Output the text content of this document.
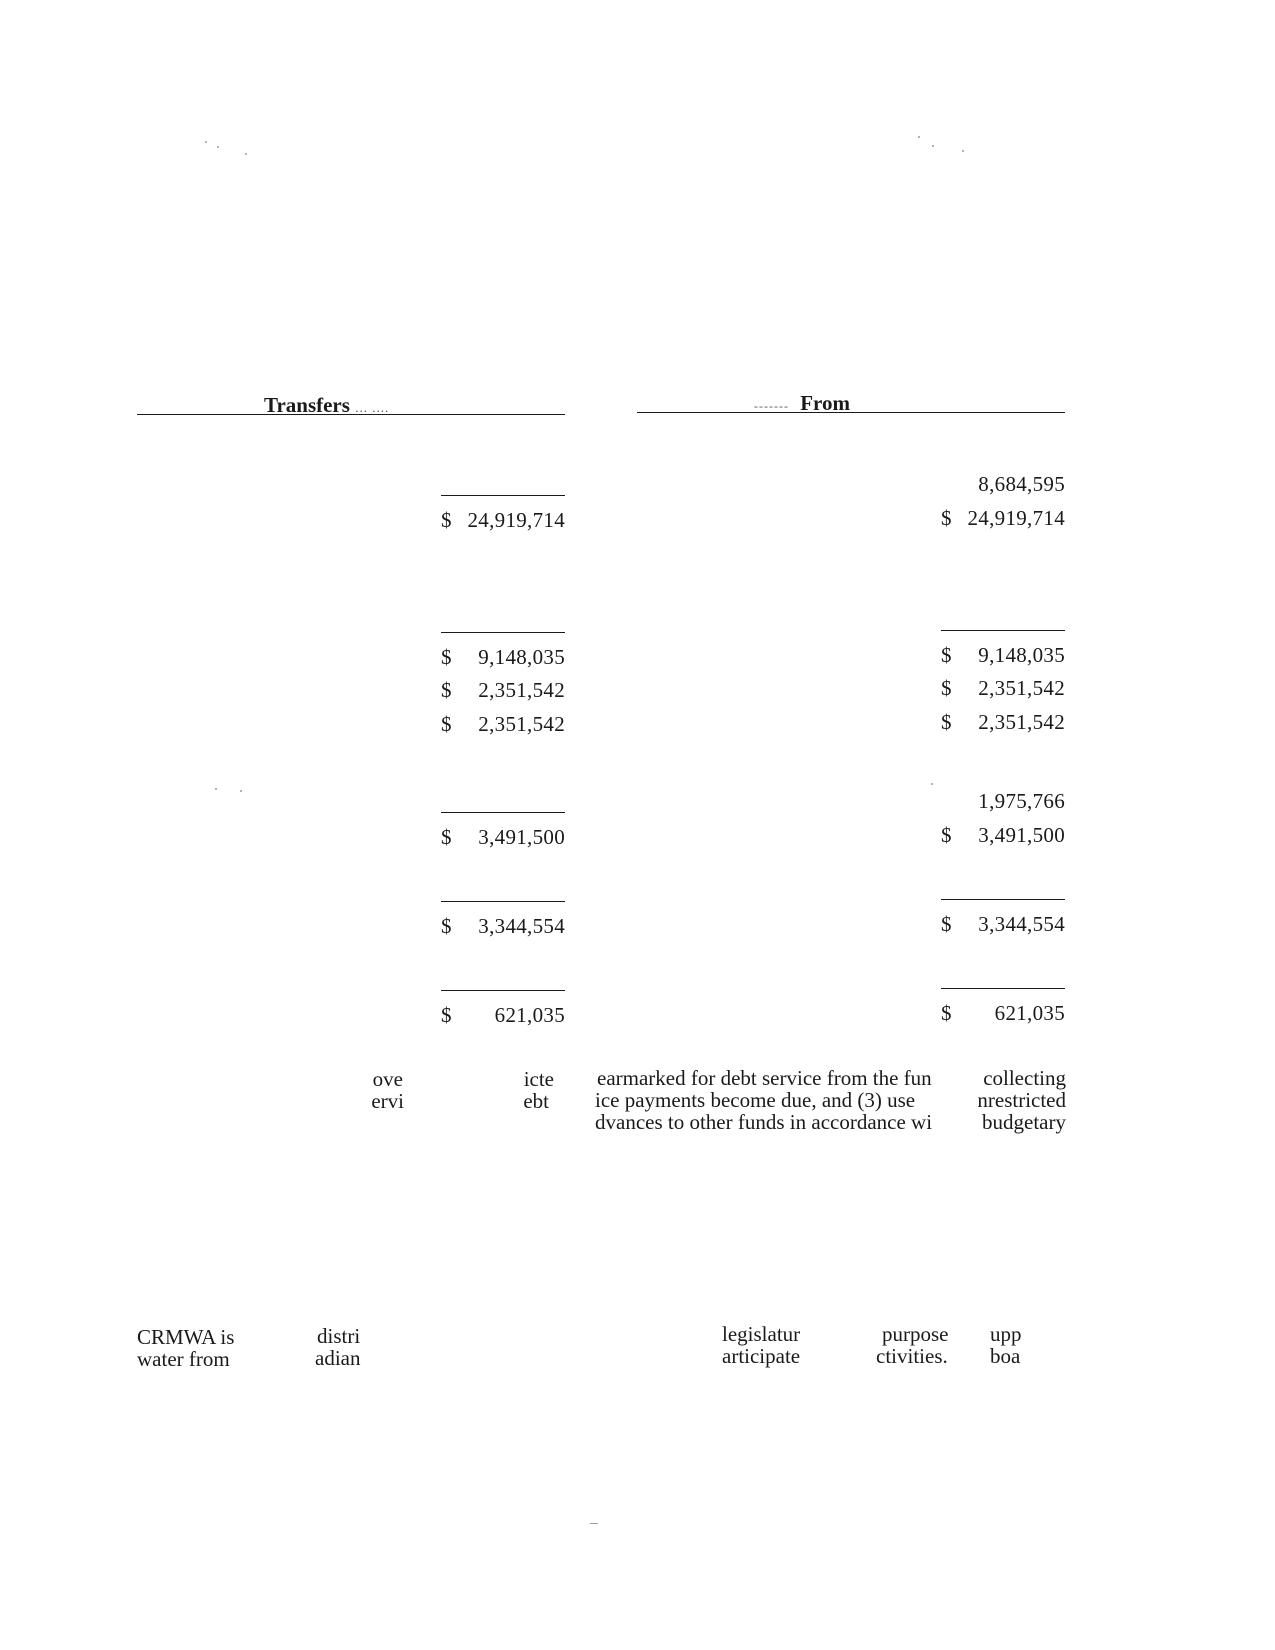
Transfers ... ....	------- From
$ 24,919,714
$ 9,148,035
$ 2,351,542
$ 2,351,542
$ 3,491,500
$ 3,344,554
$ 621,035
8,684,595
$ 24,919,714
$ 9,148,035
$ 2,351,542
$ 2,351,542
1,975,766
$ 3,491,500
$ 3,344,554
$ 621,035
ove
ervi
icte
ebt
earmarked for debt service from the fun
ice payments become due, and (3) use
dvances to other funds in accordance wi
collecting
nrestricted
budgetary
CRMWA is
water from
distri
adian
legislatur
articipate
purpose
ctivities.
upp
boa
